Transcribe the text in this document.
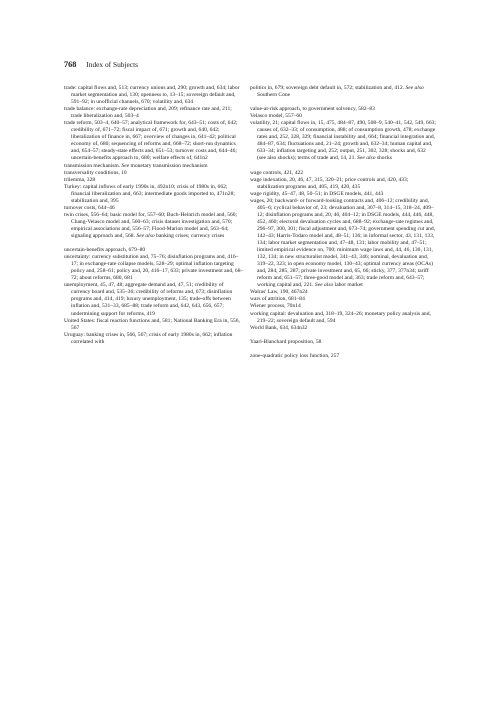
768 Index of Subjects
trade: capital flows and, 513; currency unions and, 290; growth and, 634; labor market segmentation and, 130; openness to, 13–15; sovereign default and, 591–92; in unofficial channels, 670; volatility and, 634
trade balance: exchange-rate depreciation and, 209; refinance rate and, 211; trade liberalization and, 503–4
trade reform, 503–4, 640–57; analytical framework for, 643–51; costs of, 642; credibility of, 671–72; fiscal impact of, 671; growth and, 640, 642; liberalization of finance in, 667; overview of changes in, 641–42; political economy of, 680; sequencing of reforms and, 668–72; short-run dynamics and, 654–57; steady-state effects and, 651–53; turnover costs and, 644–46; uncertain-benefits approach to, 680; welfare effects of, 641n2
transmission mechanism. See monetary transmission mechanism
transversality conditions, 10
trilemma, 328
Turkey: capital inflows of early 1990s in, 492n10; crisis of 1980s in, 662; financial liberalization and, 663; intermediate goods imported to, 471n28; stabilization and, 395
turnover costs, 644–46
twin crises, 556–64; basic model for, 557–60; Buch-Heinrich model and, 560; Chang-Velasco model and, 560–63; crisis dataset investigation and, 570; empirical associations and, 556–57; Flood-Marion model and, 563–64; signaling approach and, 568. See also banking crises; currency crises
uncertain-benefits approach, 679–80
uncertainty: currency substitution and, 75–76; disinflation programs and, 416–17; in exchange-rate collapse models, 528–29; optimal inflation targeting policy and, 258–61; policy and, 20, 416–17, 633; private investment and, 68–72; about reforms, 680, 681
unemployment, 45, 47, 48; aggregate demand and, 47, 51; credibility of currency board and, 535–36; credibility of reforms and, 673; disinflation programs and, 414, 419; luxury unemployment, 135; trade-offs between inflation and, 531–33, 685–88; trade reform and, 642, 643, 656, 657; undermining support for reforms, 419
United States: fiscal reaction functions and, 581; National Banking Era in, 556, 567
Uruguay: banking crises in, 566, 567; crisis of early 1980s in, 662; inflation correlated with
politics in, 679; sovereign debt default in, 572; stabilization and, 412. See also Southern Cone
value-at-risk approach, to government solvency, 582–83
Velasco model, 557–60
volatility, 21; capital flows in, 15, 475, 484–87, 490, 508–9, 540–41, 542, 549, 663; causes of, 632–33; of consumption, 488; of consumption growth, 478; exchange rates and, 252, 328, 329; financial instability and, 664; financial integration and, 484–87, 634; fluctuations and, 21–24; growth and, 632–34; human capital and, 633–34; inflation targeting and, 252; output, 251, 302, 328; shocks and, 632 (see also shocks); terms of trade and, 14, 21. See also shocks
wage controls, 421, 422
wage indexation, 20, 46, 47, 315, 320–21; price controls and, 420, 433; stabilization programs and, 405, 419, 420, 435
wage rigidity, 45–47, 48, 50–51; in DSGE models, 441, 443
wages, 20; backward- or forward-looking contracts and, 406–12; credibility and, 405–6; cyclical behavior of, 23; devaluation and, 307–8, 314–15, 318–24, 409–12; disinflation programs and, 20, 46, 404–12; in DSGE models, 444, 446, 448, 452, 460; electoral devaluation cycles and, 688–92; exchange-rate regimes and, 296–97, 300, 301; fiscal adjustment and, 673–74; government spending cut and, 142–43; Harris-Todaro model and, 48–51, 136; in informal sector, 43, 131, 133, 134; labor market segmentation and, 47–48, 131; labor mobility and, 47–51; limited empirical evidence on, 700; minimum wage laws and, 44, 46, 130, 131, 132, 134; in new structuralist model, 341–43, 346; nominal, devaluation and, 319–22, 323; in open economy model, 130–43; optimal currency areas (OCAs) and, 284, 285, 287; private investment and, 65, 66; sticky, 377, 377n34; tariff reform and, 651–57; three-good model and, 363; trade reform and, 643–57; working capital and, 221. See also labor market
Walras' Law, 190, 467n24
wars of attrition, 681–84
Wiener process, 70n14
working capital: devaluation and, 318–19, 324–26; monetary policy analysis and, 219–22; sovereign default and, 594
World Bank, 634, 634n32
Yaari-Blanchard proposition, 58
zone-quadratic policy loss function, 257
